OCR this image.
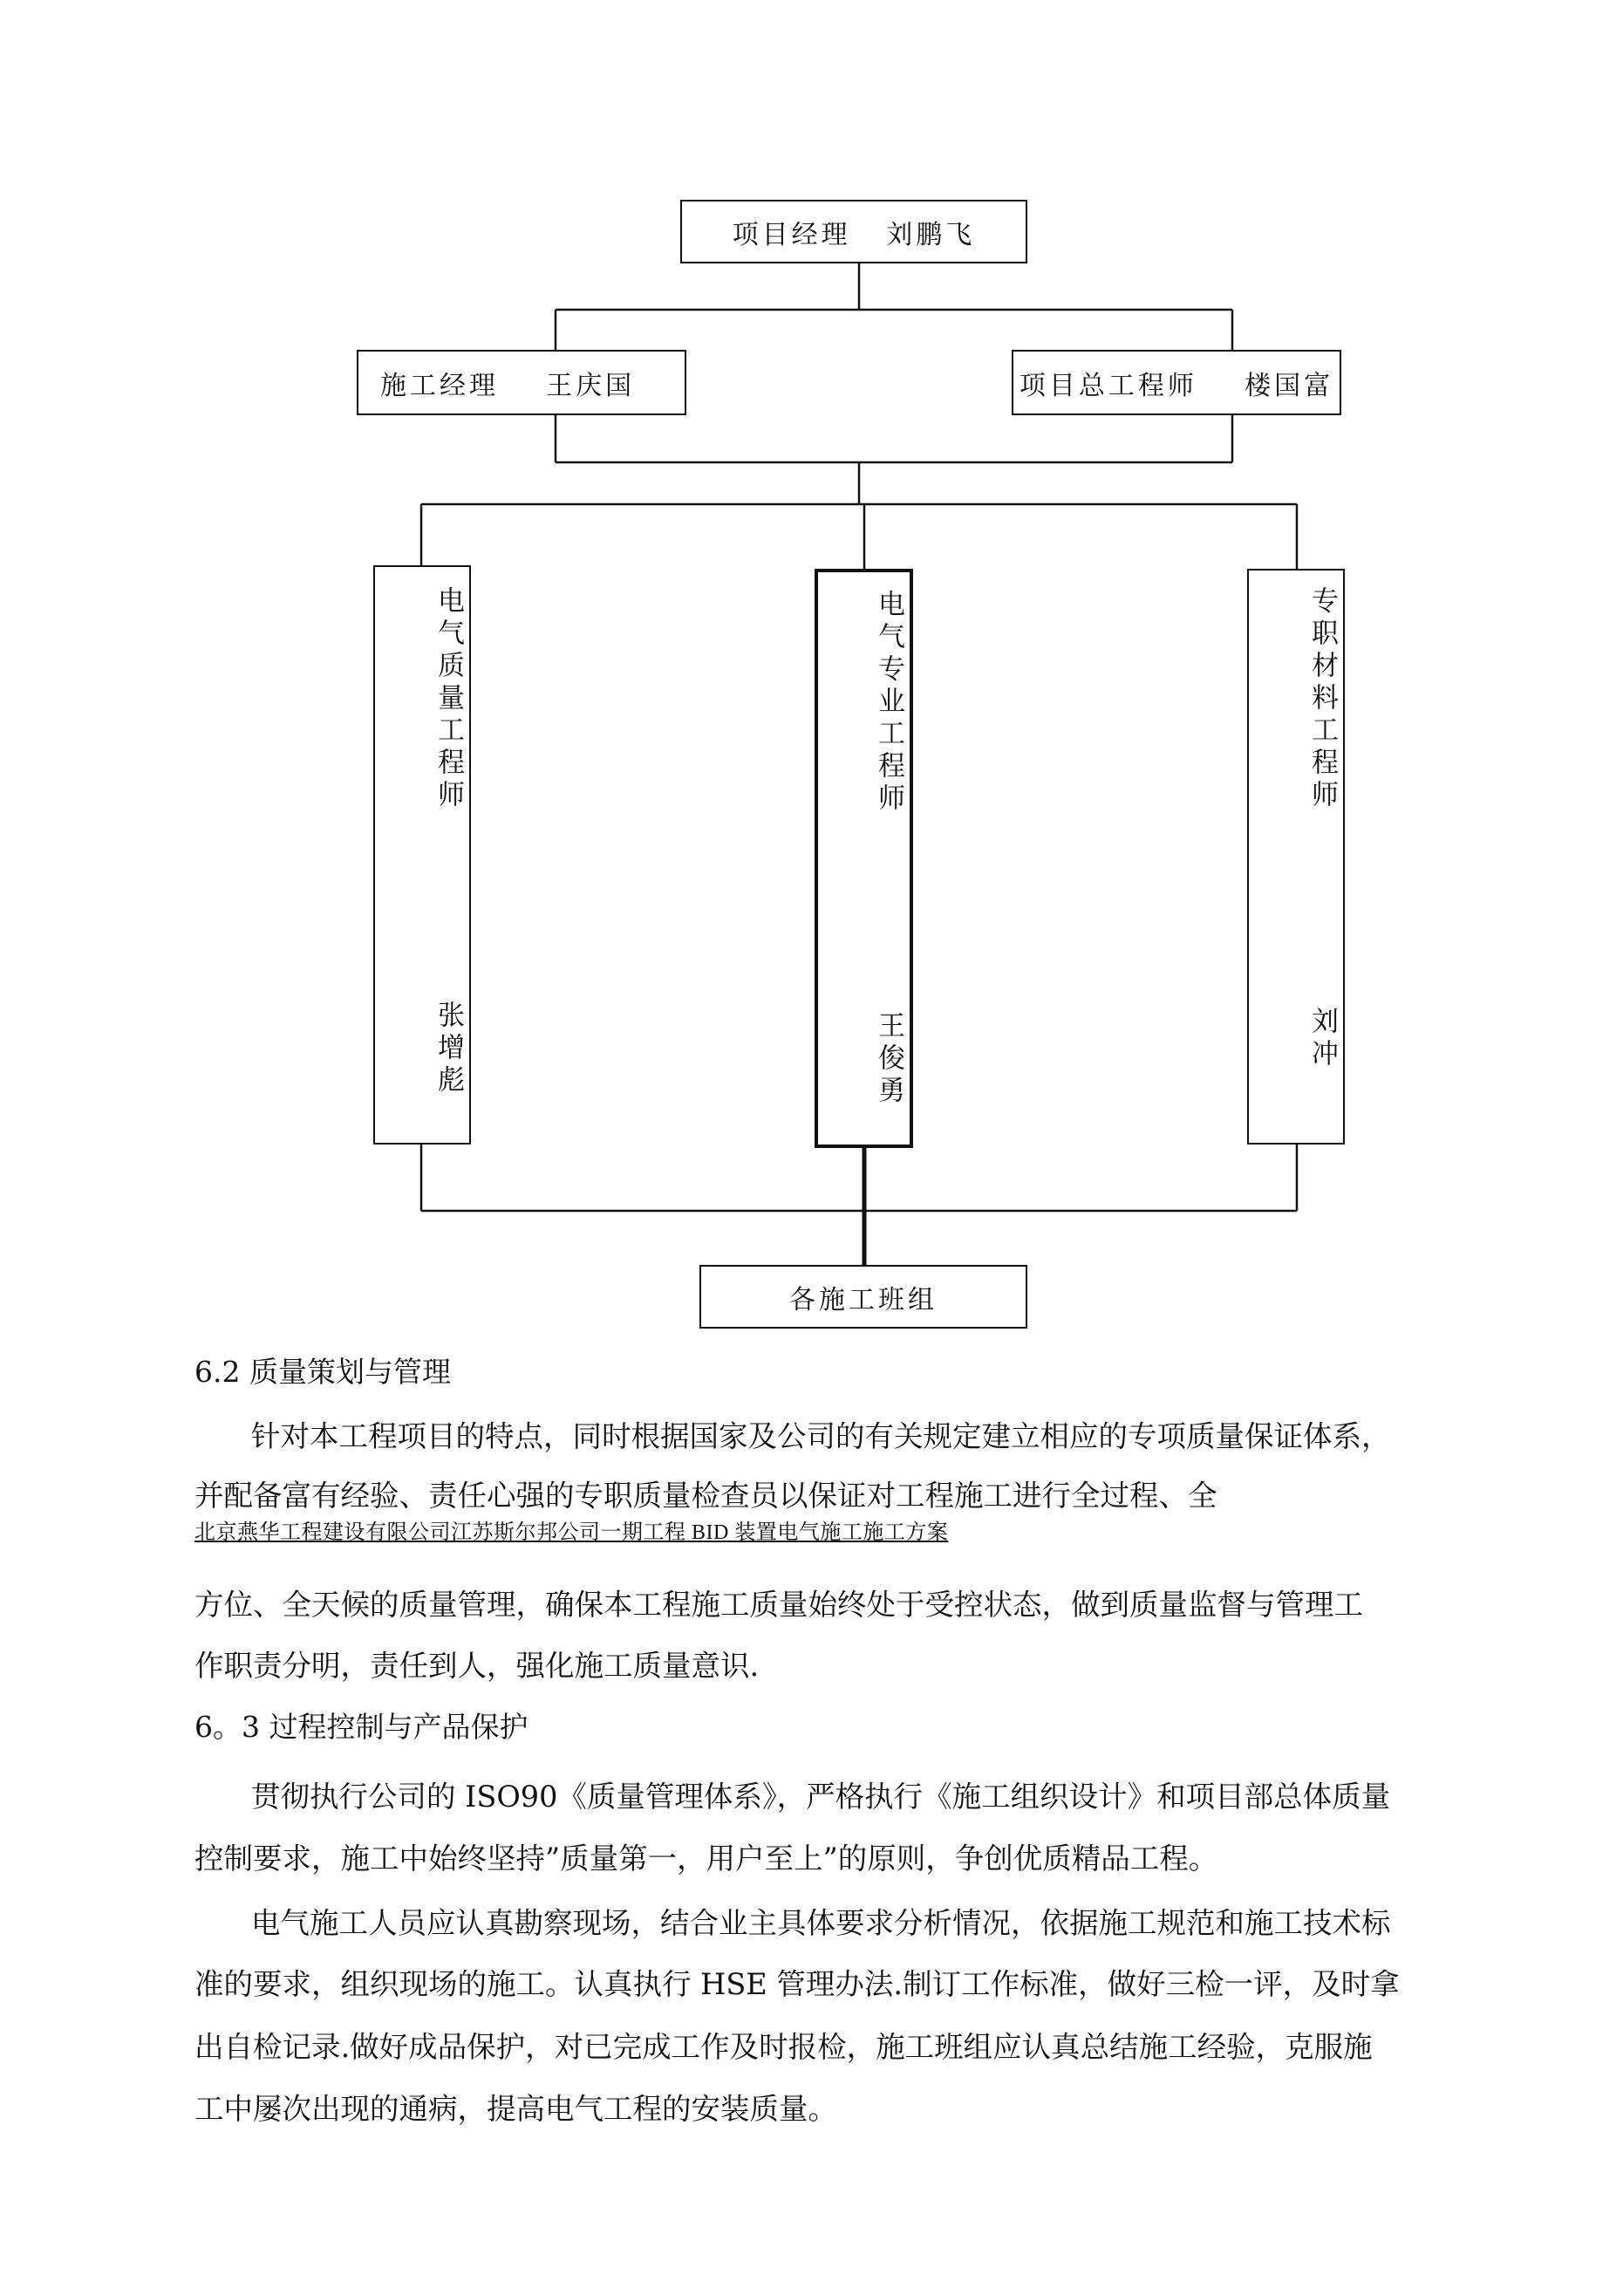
项目经理   刘鹏飞
施工经理    王庆国	项目总工程师    楼国富
电气质量工程师
张增彪
电气专业工程师
王俊勇
专职材料工程师
刘冲
各施工班组
6.2 质量策划与管理
针对本工程项目的特点，同时根据国家及公司的有关规定建立相应的专项质量保证体系，
并配备富有经验、责任心强的专职质量检查员以保证对工程施工进行全过程、全
北京燕华工程建设有限公司江苏斯尔邦公司一期工程 BID 装置电气施工施工方案
方位、全天候的质量管理，确保本工程施工质量始终处于受控状态，做到质量监督与管理工
作职责分明，责任到人，强化施工质量意识.
6。3 过程控制与产品保护
贯彻执行公司的 ISO90《质量管理体系》，严格执行《施工组织设计》和项目部总体质量
控制要求，施工中始终坚持”质量第一，用户至上”的原则，争创优质精品工程。
电气施工人员应认真勘察现场，结合业主具体要求分析情况，依据施工规范和施工技术标
准的要求，组织现场的施工。认真执行 HSE 管理办法.制订工作标准，做好三检一评，及时拿
出自检记录.做好成品保护，对已完成工作及时报检，施工班组应认真总结施工经验，克服施
工中屡次出现的通病，提高电气工程的安装质量。
